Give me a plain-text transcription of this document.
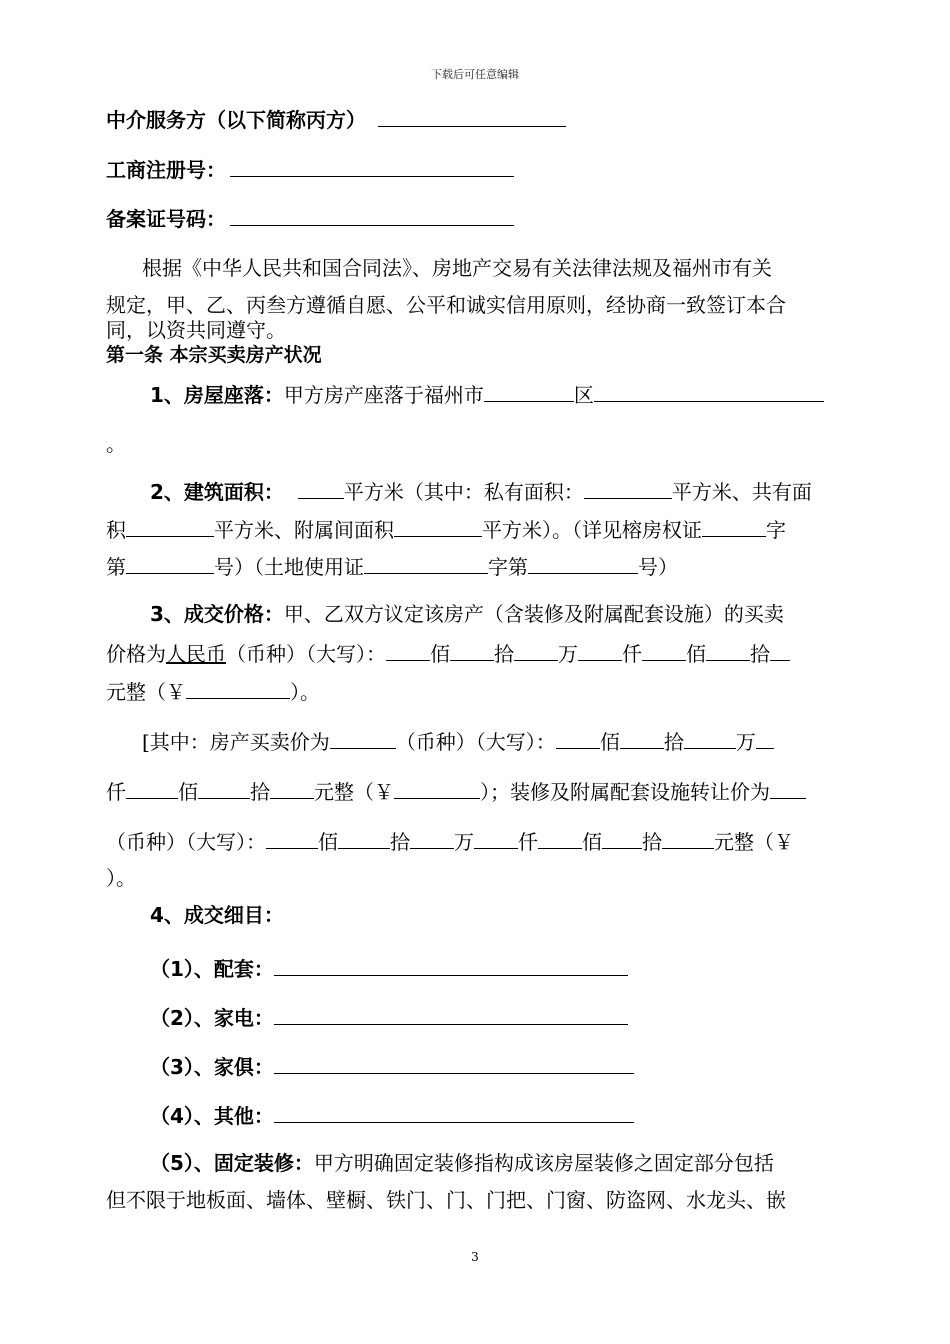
下载后可任意编辑
中介服务方（以下简称丙方）
工商注册号：
备案证号码：
根据《中华人民共和国合同法》、房地产交易有关法律法规及福州市有关
规定，甲、乙、丙叁方遵循自愿、公平和诚实信用原则，经协商一致签订本合
同，以资共同遵守。
第一条 本宗买卖房产状况
1、房屋座落：甲方房产座落于福州市	区
。
2、建筑面积：	平方米（其中：私有面积：	平方米、共有面
积	平方米、附属间面积	平方米）。（详见榕房权证	字
第	号）（土地使用证	字第	号）
3、成交价格：甲、乙双方议定该房产（含装修及附属配套设施）的买卖
价格为人民币（币种）（大写）： 佰 拾 万 仟 佰 拾
元整（￥	）。
[其中：房产买卖价为	（币种）（大写）： 佰 拾	万
仟	佰	拾 元整（￥	）；装修及附属配套设施转让价为
（币种）（大写）：	佰	拾 万 仟 佰 拾	元整（￥
）。
4、成交细目：
（1）、配套：
（2）、家电：
（3）、家俱：
（4）、其他：
（5）、固定装修：甲方明确固定装修指构成该房屋装修之固定部分包括
但不限于地板面、墙体、壁橱、铁门、门、门把、门窗、防盗网、水龙头、嵌
3
